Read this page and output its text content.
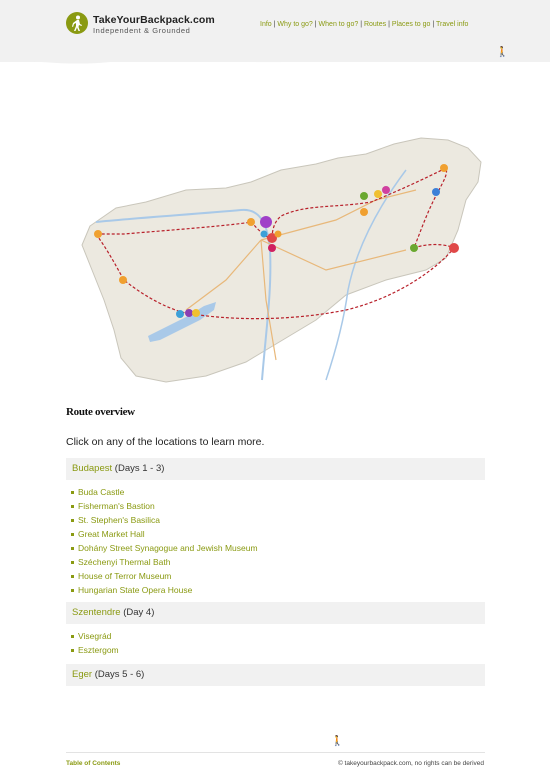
TakeYourBackpack.com
Independent & Grounded
Info | Why to go? | When to go? | Routes | Places to go | Travel info
🚶
Route overview
Click on any of the locations to learn more.
Budapest (Days 1 - 3)
Buda Castle
Fisherman's Bastion
St. Stephen's Basilica
Great Market Hall
Dohány Street Synagogue and Jewish Museum
Széchenyi Thermal Bath
House of Terror Museum
Hungarian State Opera House
Szentendre (Day 4)
Visegrád
Esztergom
Eger (Days 5 - 6)
🚶
Table of Contents	© takeyourbackpack.com, no rights can be derived
